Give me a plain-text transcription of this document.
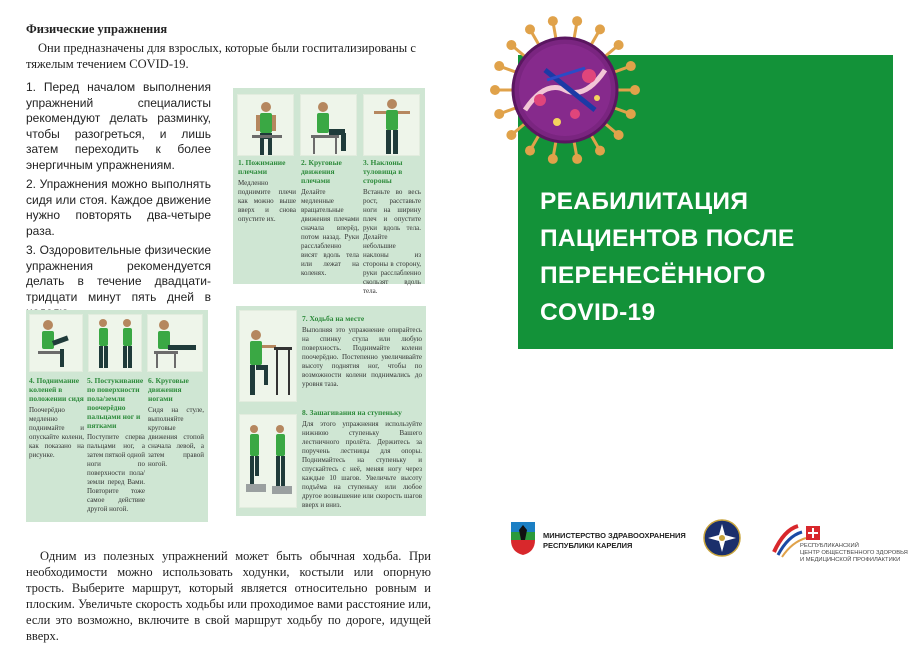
Физические упражнения
Они предназначены для взрослых, которые были госпитализированы с тяжелым течением COVID-19.

1. Перед началом выполнения упражнений специалисты рекомендуют делать разминку, чтобы разогреться, и лишь затем переходить к более энергичным упражнениям.

2. Упражнения можно выполнять сидя или стоя. Каждое движение нужно повторять два-четыре раза.

3. Оздоровительные физические упражнения рекомендуется делать в течение двадцати-тридцати минут пять дней в

1. Пожимание плечами
Медленно поднимите плечи как можно выше вверх и снова опустите их.
2. Круговые движения плечами
Делайте медленные вращательные движения плечами сначала вперёд, потом назад. Руки расслабленно висят вдоль тела или лежат на коленях.
3. Наклоны туловища в стороны
Встаньте во весь рост, расставьте ноги на ширину плеч и опустите руки вдоль тела. Делайте небольшие наклоны из стороны в сторону, руки расслабленно скользят вдоль тела.
4. Поднимание коленей в положении сидя
Поочерёдно медленно поднимайте и опускайте колени, как показано на рисунке.
5. Постукивание по поверхности пола/земли поочерёдно пальцами ног и пятками
Поступите сперва пальцами ног, а затем пяткой одной ноги по поверхности пола/земли перед Вами. Повторите тоже самое действие другой ногой.
6. Круговые движения ногами
Сидя на стуле, выполняйте круговые движения стопой сначала левой, а затем правой ногой.
7. Ходьба на месте
Выполняя это упражнение опирайтесь на спинку стула или любую поверхность. Поднимайте колени поочерёдно. Постепенно увеличивайте высоту поднятия ног, чтобы по возможности колени поднимались до уровня таза.
8. Зашагивания на ступеньку
Для этого упражнения используйте нижнюю ступеньку Вашего лестничного пролёта. Держитесь за поручень лестницы для опоры. Поднимайтесь на ступеньку и спускайтесь с неё, меняя ногу через каждые 10 шагов. Увеличьте высоту подъёма на ступеньку или любое другое возвышение или скорость шагов вверх и вниз.
Одним из полезных упражнений может быть обычная ходьба. При необходимости можно использовать ходунки, костыли или опорную трость. Выберите маршрут, который является относительно ровным и плоским. Увеличьте скорость ходьбы или проходимое вами расстояние или, если это возможно, включите в свой маршрут ходьбу по дороге, идущей вверх.
РЕАБИЛИТАЦИЯ
ПАЦИЕНТОВ ПОСЛЕ
ПЕРЕНЕСЁННОГО
COVID-19
МИНИСТЕРСТВО ЗДРАВООХРАНЕНИЯ
РЕСПУБЛИКИ КАРЕЛИЯ	РЕСПУБЛИКАНСКИЙ
ЦЕНТР ОБЩЕСТВЕННОГО ЗДОРОВЬЯ
И МЕДИЦИНСКОЙ ПРОФИЛАКТИКИ
